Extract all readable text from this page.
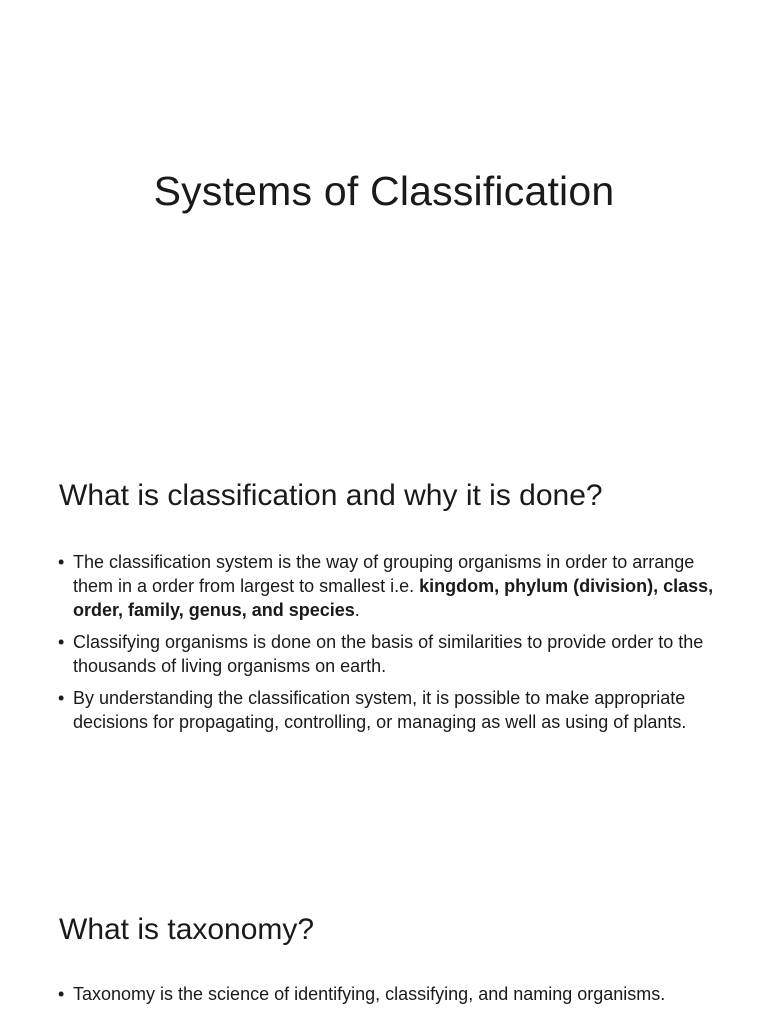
Systems of Classification
What is classification and why it is done?
• The classification system is the way of grouping organisms in order to arrange them in a order from largest to smallest i.e. kingdom, phylum (division), class, order, family, genus, and species.
• Classifying organisms is done on the basis of similarities to provide order to the thousands of living organisms on earth.
• By understanding the classification system, it is possible to make appropriate decisions for propagating, controlling, or managing as well as using of plants.
What is taxonomy?
• Taxonomy is the science of identifying, classifying, and naming organisms.
